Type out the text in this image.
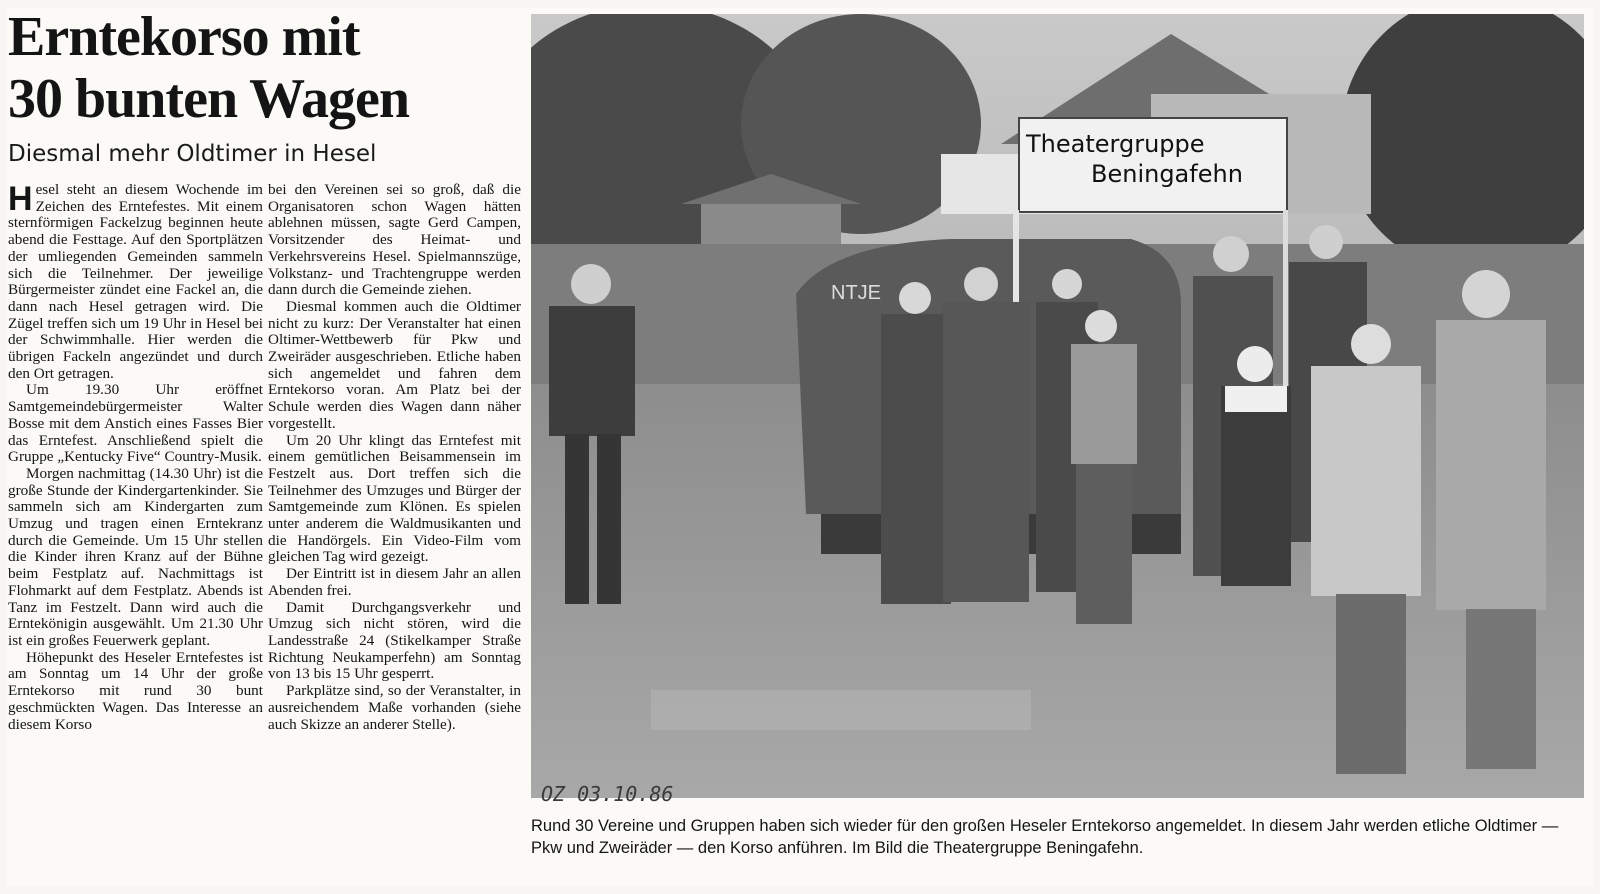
Erntekorso mit
30 bunten Wagen
Diesmal mehr Oldtimer in Hesel

Hesel steht an diesem Wochende im Zeichen des Erntefestes. Mit einem sternförmigen Fackelzug beginnen heute abend die Festtage. Auf den Sportplätzen der umliegenden Gemeinden sammeln sich die Teilnehmer. Der jeweilige Bürgermeister zündet eine Fackel an, die dann nach Hesel getragen wird. Die Zügel treffen sich um 19 Uhr in Hesel bei der Schwimmhalle. Hier werden die übrigen Fackeln angezündet und durch den Ort getragen.

Um 19.30 Uhr eröffnet Samtgemeindebürgermeister Walter Bosse mit dem Anstich eines Fasses Bier das Erntefest. Anschließend spielt die Gruppe „Kentucky Five“ Country-Musik.

Morgen nachmittag (14.30 Uhr) ist die große Stunde der Kindergartenkinder. Sie sammeln sich am Kindergarten zum Umzug und tragen einen Erntekranz durch die Gemeinde. Um 15 Uhr stellen die Kinder ihren Kranz auf der Bühne beim Festplatz auf. Nachmittags ist Flohmarkt auf dem Festplatz. Abends ist Tanz im Festzelt. Dann wird auch die Erntekönigin ausgewählt. Um 21.30 Uhr ist ein großes Feuerwerk geplant.

Höhepunkt des Heseler Erntefestes ist am Sonntag um 14 Uhr der große Erntekorso mit rund 30 bunt geschmückten Wagen. Das Interesse an diesem Korso

bei den Vereinen sei so groß, daß die Organisatoren schon Wagen hätten ablehnen müssen, sagte Gerd Campen, Vorsitzender des Heimat- und Verkehrsvereins Hesel. Spielmannszüge, Volkstanz- und Trachtengruppe werden dann durch die Gemeinde ziehen.

Diesmal kommen auch die Oldtimer nicht zu kurz: Der Veranstalter hat einen Oltimer-Wettbewerb für Pkw und Zweiräder ausgeschrieben. Etliche haben sich angemeldet und fahren dem Erntekorso voran. Am Platz bei der Schule werden dies Wagen dann näher vorgestellt.

Um 20 Uhr klingt das Erntefest mit einem gemütlichen Beisammensein im Festzelt aus. Dort treffen sich die Teilnehmer des Umzuges und Bürger der Samtgemeinde zum Klönen. Es spielen unter anderem die Waldmusikanten und die Handörgels. Ein Video-Film vom gleichen Tag wird gezeigt.

Der Eintritt ist in diesem Jahr an allen Abenden frei.

Damit Durchgangsverkehr und Umzug sich nicht stören, wird die Landesstraße 24 (Stikelkamper Straße Richtung Neukamperfehn) am Sonntag von 13 bis 15 Uhr gesperrt.

Parkplätze sind, so der Veranstalter, in ausreichendem Maße vorhanden (siehe auch Skizze an anderer Stelle).

NTJE
Theatergruppe
Beningafehn
OZ 03.10.86
Rund 30 Vereine und Gruppen haben sich wieder für den großen Heseler Erntekorso angemeldet. In diesem Jahr werden etliche Oldtimer — Pkw und Zweiräder — den Korso anführen. Im Bild die Theatergruppe Beningafehn.
